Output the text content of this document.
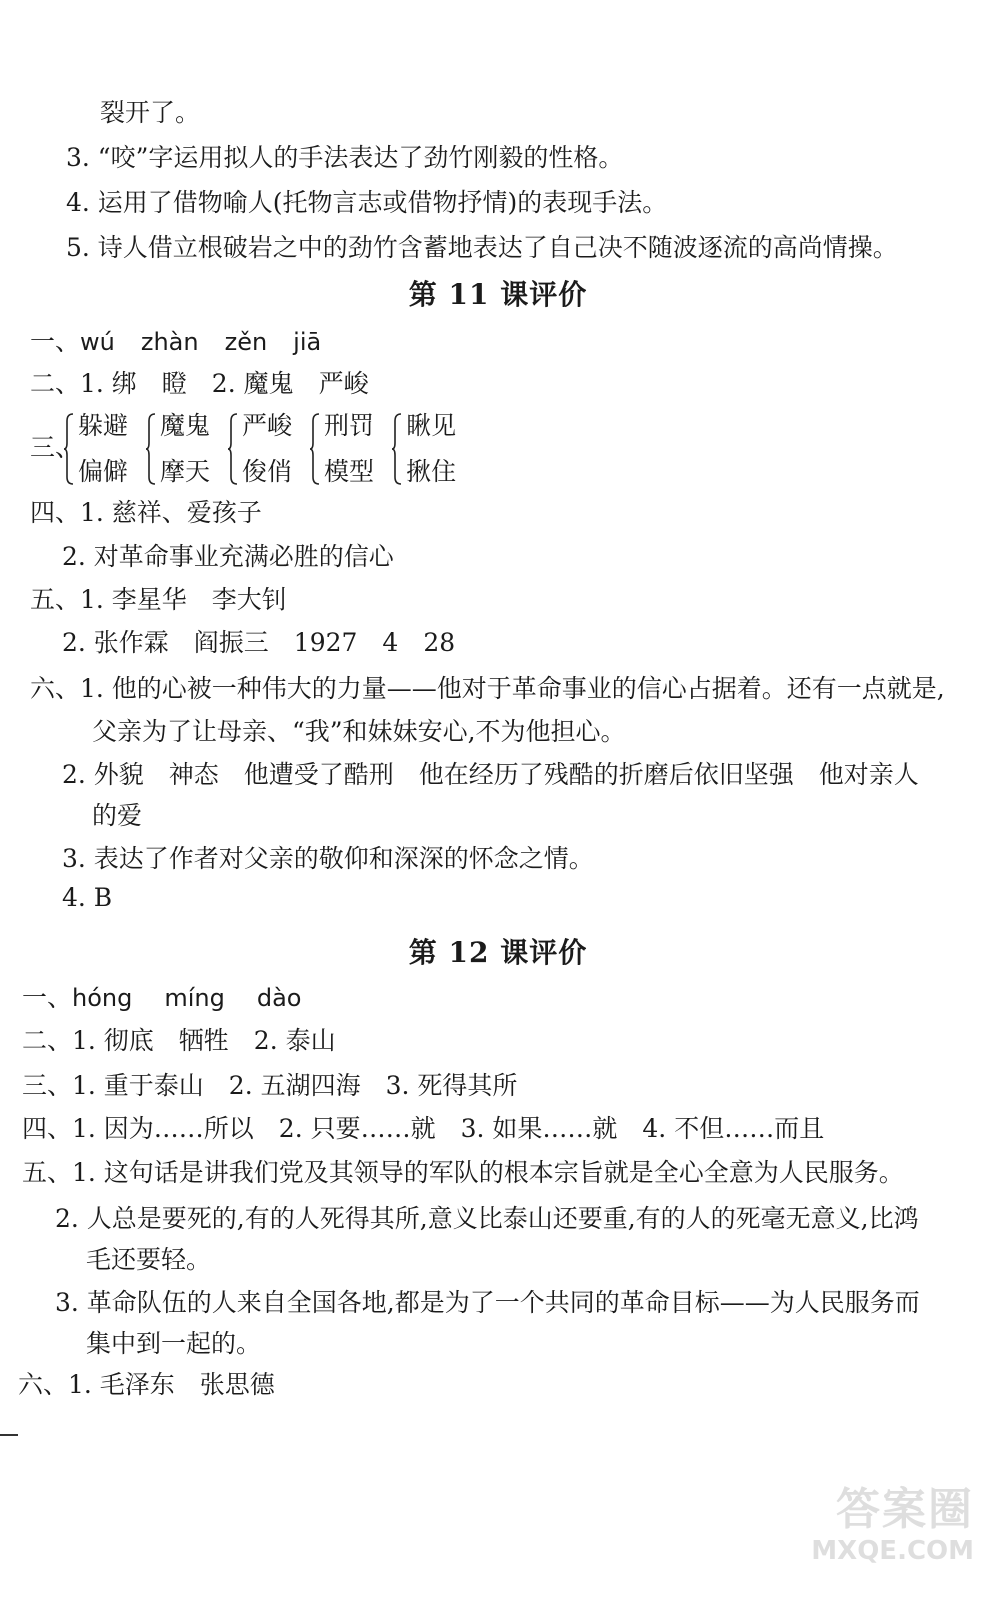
裂开了。
3. “咬”字运用拟人的手法表达了劲竹刚毅的性格。
4. 运用了借物喻人(托物言志或借物抒情)的表现手法。
5. 诗人借立根破岩之中的劲竹含蓄地表达了自己决不随波逐流的高尚情操。
第 11 课评价
一、wú zhàn zěn jiā
二、1. 绑　瞪　2. 魔鬼　严峻
三、
躲避
偏僻
魔鬼
摩天
严峻
俊俏
刑罚
模型
瞅见
揪住
四、1. 慈祥、爱孩子
2. 对革命事业充满必胜的信心
五、1. 李星华　李大钊
2. 张作霖　阎振三　1927　4　28
六、1. 他的心被一种伟大的力量——他对于革命事业的信心占据着。还有一点就是,
父亲为了让母亲、“我”和妹妹安心,不为他担心。
2. 外貌　神态　他遭受了酷刑　他在经历了残酷的折磨后依旧坚强　他对亲人
的爱
3. 表达了作者对父亲的敬仰和深深的怀念之情。
4. B
第 12 课评价
一、hóng míng dào
二、1. 彻底　牺牲　2. 泰山
三、1. 重于泰山　2. 五湖四海　3. 死得其所
四、1. 因为……所以　2. 只要……就　3. 如果……就　4. 不但……而且
五、1. 这句话是讲我们党及其领导的军队的根本宗旨就是全心全意为人民服务。
2. 人总是要死的,有的人死得其所,意义比泰山还要重,有的人的死毫无意义,比鸿
毛还要轻。
3. 革命队伍的人来自全国各地,都是为了一个共同的革命目标——为人民服务而
集中到一起的。
六、1. 毛泽东　张思德
答案圈
MXQE.COM
